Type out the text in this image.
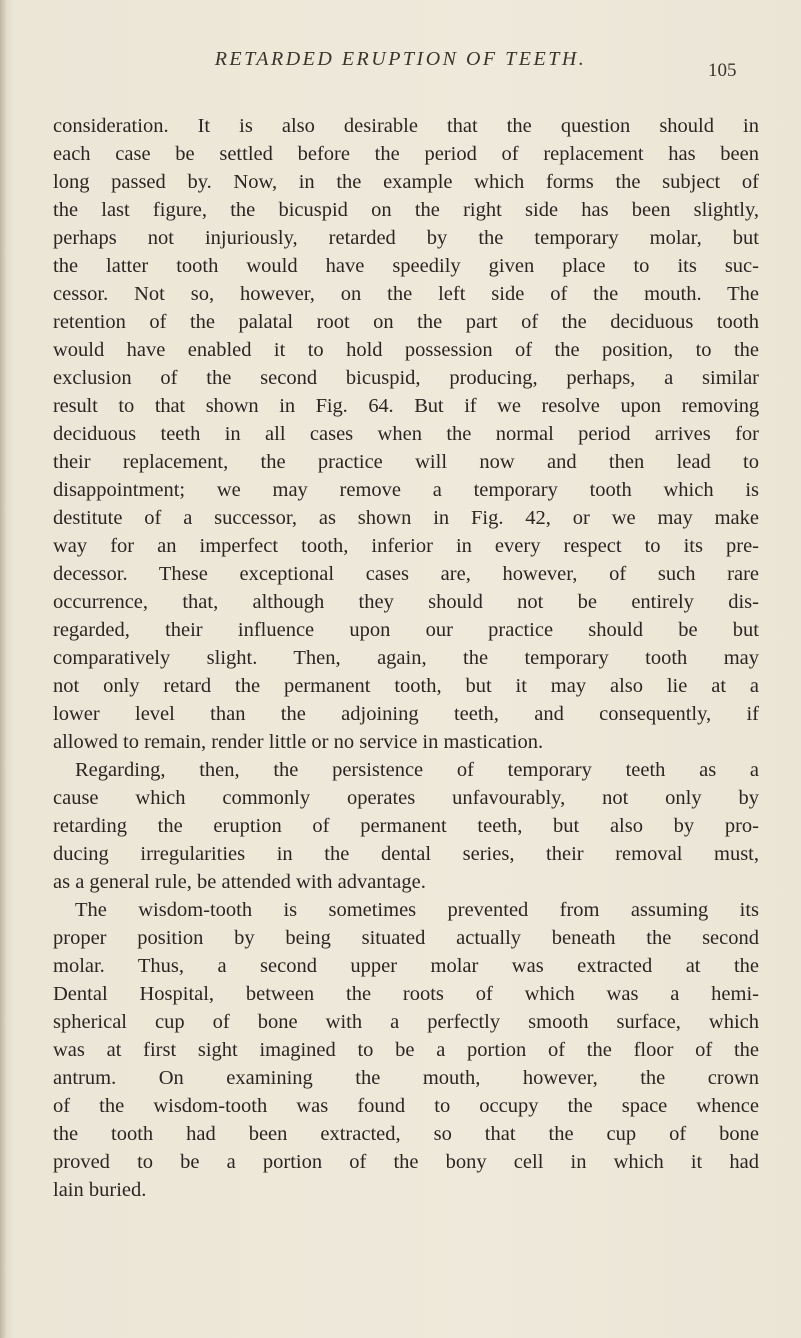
RETARDED ERUPTION OF TEETH.
105
consideration. It is also desirable that the question should in
each case be settled before the period of replacement has been
long passed by. Now, in the example which forms the subject of
the last figure, the bicuspid on the right side has been slightly,
perhaps not injuriously, retarded by the temporary molar, but
the latter tooth would have speedily given place to its suc-
cessor. Not so, however, on the left side of the mouth. The
retention of the palatal root on the part of the deciduous tooth
would have enabled it to hold possession of the position, to the
exclusion of the second bicuspid, producing, perhaps, a similar
result to that shown in Fig. 64. But if we resolve upon removing
deciduous teeth in all cases when the normal period arrives for
their replacement, the practice will now and then lead to
disappointment; we may remove a temporary tooth which is
destitute of a successor, as shown in Fig. 42, or we may make
way for an imperfect tooth, inferior in every respect to its pre-
decessor. These exceptional cases are, however, of such rare
occurrence, that, although they should not be entirely dis-
regarded, their influence upon our practice should be but
comparatively slight. Then, again, the temporary tooth may
not only retard the permanent tooth, but it may also lie at a
lower level than the adjoining teeth, and consequently, if
allowed to remain, render little or no service in mastication.
Regarding, then, the persistence of temporary teeth as a
cause which commonly operates unfavourably, not only by
retarding the eruption of permanent teeth, but also by pro-
ducing irregularities in the dental series, their removal must,
as a general rule, be attended with advantage.
The wisdom-tooth is sometimes prevented from assuming its
proper position by being situated actually beneath the second
molar. Thus, a second upper molar was extracted at the
Dental Hospital, between the roots of which was a hemi-
spherical cup of bone with a perfectly smooth surface, which
was at first sight imagined to be a portion of the floor of the
antrum. On examining the mouth, however, the crown
of the wisdom-tooth was found to occupy the space whence
the tooth had been extracted, so that the cup of bone
proved to be a portion of the bony cell in which it had
lain buried.
